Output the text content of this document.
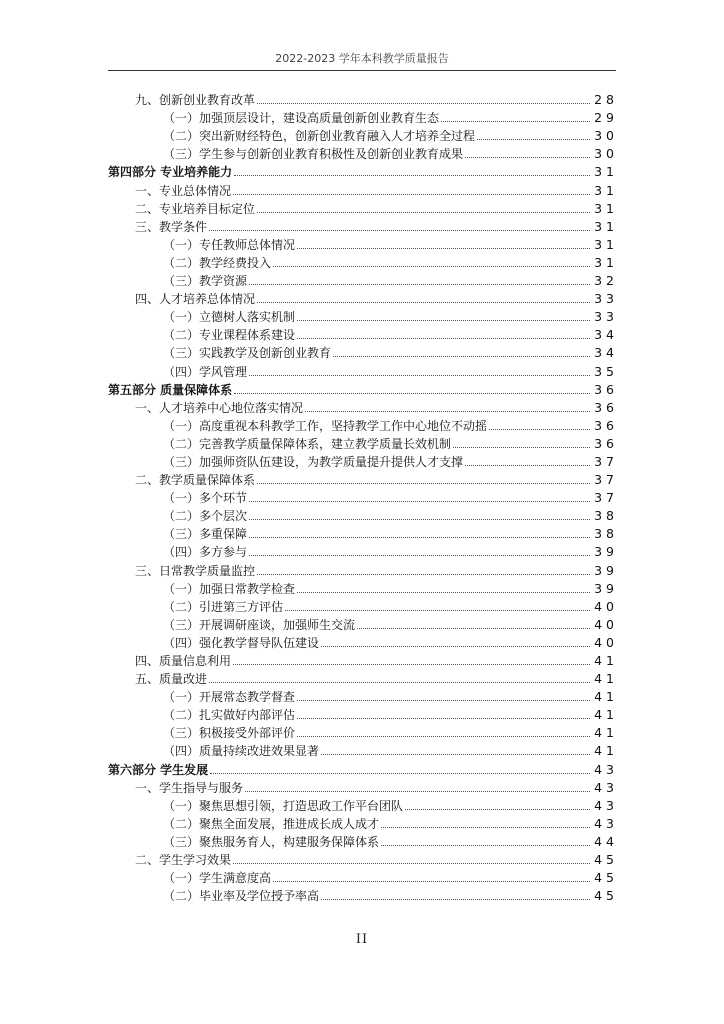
2022-2023 学年本科教学质量报告
九、创新创业教育改革	28
（一）加强顶层设计，建设高质量创新创业教育生态	29
（二）突出新财经特色，创新创业教育融入人才培养全过程	30
（三）学生参与创新创业教育积极性及创新创业教育成果	30
第四部分 专业培养能力	31
一、专业总体情况	31
二、专业培养目标定位	31
三、教学条件	31
（一）专任教师总体情况	31
（二）教学经费投入	31
（三）教学资源	32
四、人才培养总体情况	33
（一）立德树人落实机制	33
（二）专业课程体系建设	34
（三）实践教学及创新创业教育	34
（四）学风管理	35
第五部分 质量保障体系	36
一、人才培养中心地位落实情况	36
（一）高度重视本科教学工作，坚持教学工作中心地位不动摇	36
（二）完善教学质量保障体系，建立教学质量长效机制	36
（三）加强师资队伍建设，为教学质量提升提供人才支撑	37
二、教学质量保障体系	37
（一）多个环节	37
（二）多个层次	38
（三）多重保障	38
（四）多方参与	39
三、日常教学质量监控	39
（一）加强日常教学检查	39
（二）引进第三方评估	40
（三）开展调研座谈，加强师生交流	40
（四）强化教学督导队伍建设	40
四、质量信息利用	41
五、质量改进	41
（一）开展常态教学督查	41
（二）扎实做好内部评估	41
（三）积极接受外部评价	41
（四）质量持续改进效果显著	41
第六部分 学生发展	43
一、学生指导与服务	43
（一）聚焦思想引领，打造思政工作平台团队	43
（二）聚焦全面发展，推进成长成人成才	43
（三）聚焦服务育人，构建服务保障体系	44
二、学生学习效果	45
（一）学生满意度高	45
（二）毕业率及学位授予率高	45
II
